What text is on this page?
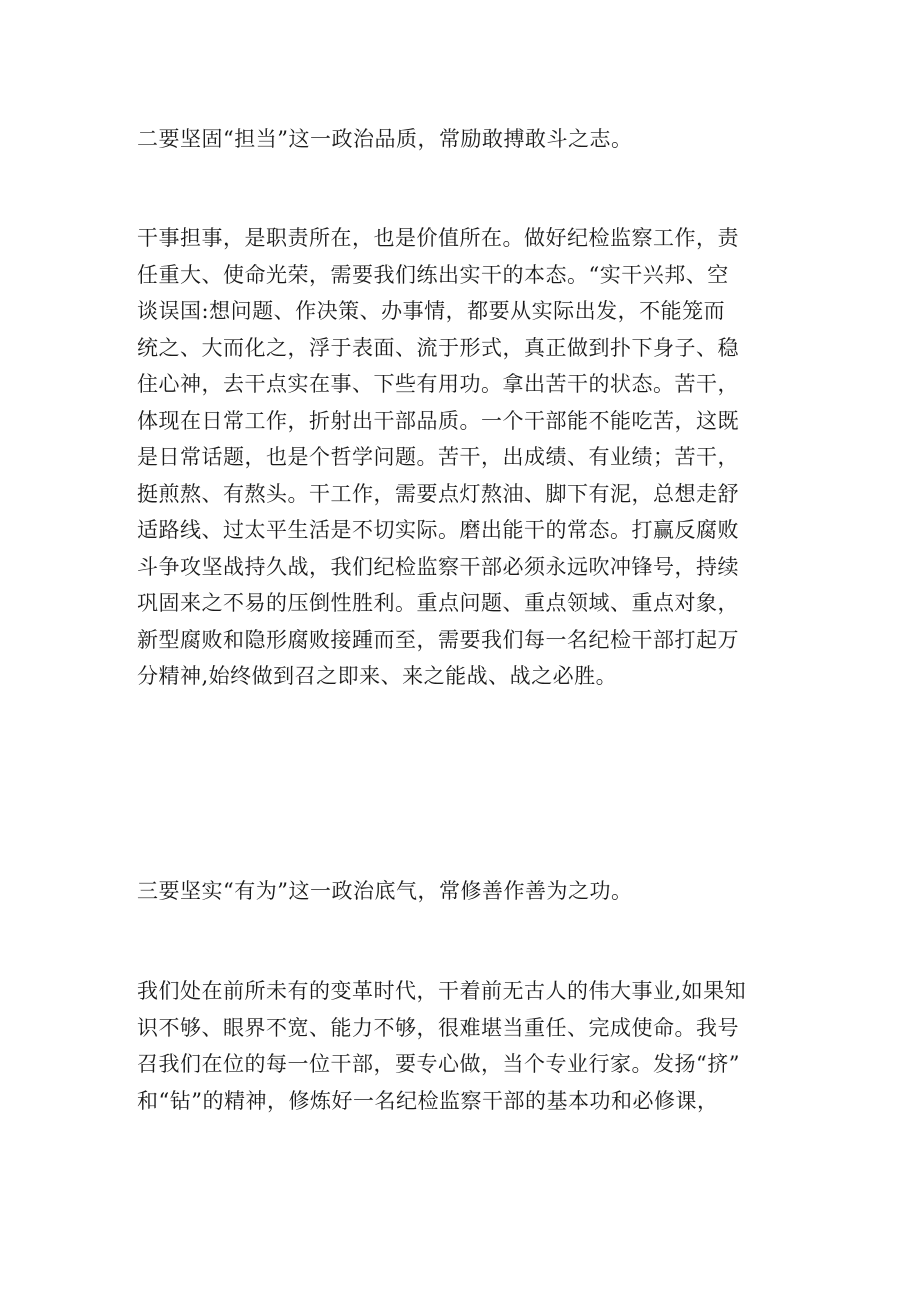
二要坚固“担当”这一政治品质，常励敢搏敢斗之志。
干事担事，是职责所在，也是价值所在。做好纪检监察工作，责
任重大、使命光荣，需要我们练出实干的本态。“实干兴邦、空
谈误国:想问题、作决策、办事情，都要从实际出发，不能笼而
统之、大而化之，浮于表面、流于形式，真正做到扑下身子、稳
住心神，去干点实在事、下些有用功。拿出苦干的状态。苦干，
体现在日常工作，折射出干部品质。一个干部能不能吃苦，这既
是日常话题，也是个哲学问题。苦干，出成绩、有业绩；苦干，
挺煎熬、有熬头。干工作，需要点灯熬油、脚下有泥，总想走舒
适路线、过太平生活是不切实际。磨出能干的常态。打赢反腐败
斗争攻坚战持久战，我们纪检监察干部必须永远吹冲锋号，持续
巩固来之不易的压倒性胜利。重点问题、重点领域、重点对象，
新型腐败和隐形腐败接踵而至，需要我们每一名纪检干部打起万
分精神,始终做到召之即来、来之能战、战之必胜。
三要坚实“有为”这一政治底气，常修善作善为之功。
我们处在前所未有的变革时代，干着前无古人的伟大事业,如果知
识不够、眼界不宽、能力不够，很难堪当重任、完成使命。我号
召我们在位的每一位干部，要专心做，当个专业行家。发扬“挤”
和“钻”的精神，修炼好一名纪检监察干部的基本功和必修课，
